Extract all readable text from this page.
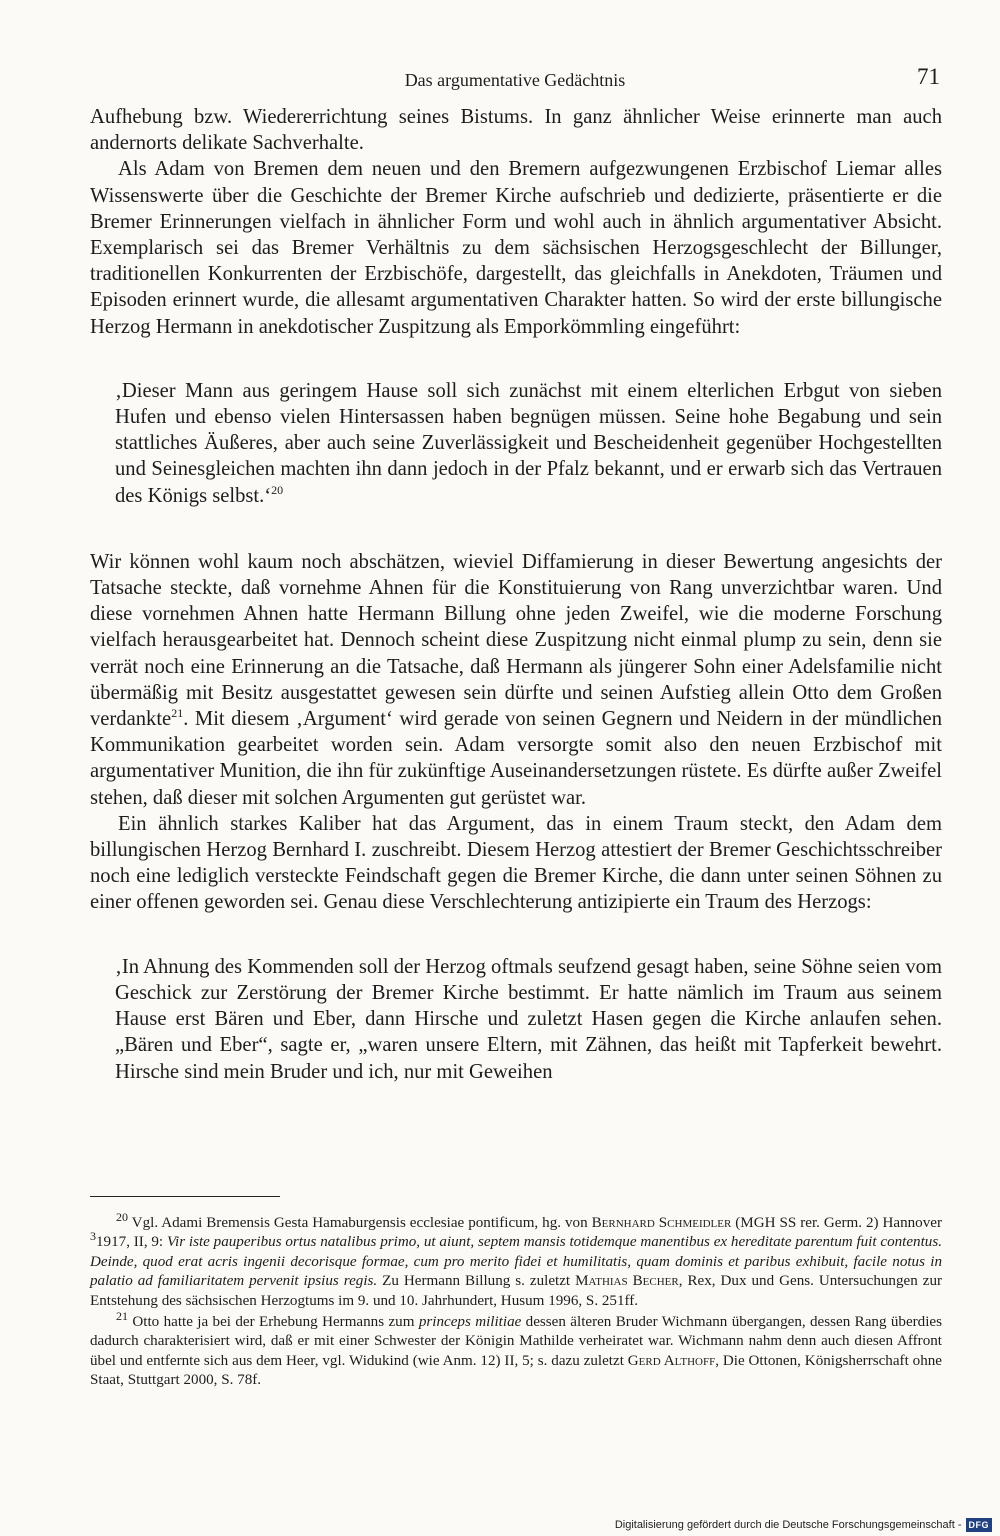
Das argumentative Gedächtnis	71

Aufhebung bzw. Wiedererrichtung seines Bistums. In ganz ähnlicher Weise erinnerte man auch andernorts delikate Sachverhalte.

Als Adam von Bremen dem neuen und den Bremern aufgezwungenen Erzbischof Liemar alles Wissenswerte über die Geschichte der Bremer Kirche aufschrieb und dedizierte, präsentierte er die Bremer Erinnerungen vielfach in ähnlicher Form und wohl auch in ähnlich argumentativer Absicht. Exemplarisch sei das Bremer Verhältnis zu dem sächsischen Herzogsgeschlecht der Billunger, traditionellen Konkurrenten der Erzbischöfe, dargestellt, das gleichfalls in Anekdoten, Träumen und Episoden erinnert wurde, die allesamt argumentativen Charakter hatten. So wird der erste billungische Herzog Hermann in anekdotischer Zuspitzung als Emporkömmling eingeführt:

‚Dieser Mann aus geringem Hause soll sich zunächst mit einem elterlichen Erbgut von sieben Hufen und ebenso vielen Hintersassen haben begnügen müssen. Seine hohe Begabung und sein stattliches Äußeres, aber auch seine Zuverlässigkeit und Bescheidenheit gegenüber Hochgestellten und Seinesgleichen machten ihn dann jedoch in der Pfalz bekannt, und er erwarb sich das Vertrauen des Königs selbst.‘$^{20}$

Wir können wohl kaum noch abschätzen, wieviel Diffamierung in dieser Bewertung angesichts der Tatsache steckte, daß vornehme Ahnen für die Konstituierung von Rang unverzichtbar waren. Und diese vornehmen Ahnen hatte Hermann Billung ohne jeden Zweifel, wie die moderne Forschung vielfach herausgearbeitet hat. Dennoch scheint diese Zuspitzung nicht einmal plump zu sein, denn sie verrät noch eine Erinnerung an die Tatsache, daß Hermann als jüngerer Sohn einer Adelsfamilie nicht übermäßig mit Besitz ausgestattet gewesen sein dürfte und seinen Aufstieg allein Otto dem Großen verdankte$^{21}$. Mit diesem ‚Argument‘ wird gerade von seinen Gegnern und Neidern in der mündlichen Kommunikation gearbeitet worden sein. Adam versorgte somit also den neuen Erzbischof mit argumentativer Munition, die ihn für zukünftige Auseinandersetzungen rüstete. Es dürfte außer Zweifel stehen, daß dieser mit solchen Argumenten gut gerüstet war.

Ein ähnlich starkes Kaliber hat das Argument, das in einem Traum steckt, den Adam dem billungischen Herzog Bernhard I. zuschreibt. Diesem Herzog attestiert der Bremer Geschichtsschreiber noch eine lediglich versteckte Feindschaft gegen die Bremer Kirche, die dann unter seinen Söhnen zu einer offenen geworden sei. Genau diese Verschlechterung antizipierte ein Traum des Herzogs:

‚In Ahnung des Kommenden soll der Herzog oftmals seufzend gesagt haben, seine Söhne seien vom Geschick zur Zerstörung der Bremer Kirche bestimmt. Er hatte nämlich im Traum aus seinem Hause erst Bären und Eber, dann Hirsche und zuletzt Hasen gegen die Kirche anlaufen sehen. „Bären und Eber“, sagte er, „waren unsere Eltern, mit Zähnen, das heißt mit Tapferkeit bewehrt. Hirsche sind mein Bruder und ich, nur mit Geweihen

$^{20}$ Vgl. Adami Bremensis Gesta Hamaburgensis ecclesiae pontificum, hg. von Bernhard Schmeidler (MGH SS rer. Germ. 2) Hannover $^3$1917, II, 9: Vir iste pauperibus ortus natalibus primo, ut aiunt, septem mansis totidemque manentibus ex hereditate parentum fuit contentus. Deinde, quod erat acris ingenii decorisque formae, cum pro merito fidei et humilitatis, quam dominis et paribus exhibuit, facile notus in palatio ad familiaritatem pervenit ipsius regis. Zu Hermann Billung s. zuletzt Mathias Becher, Rex, Dux und Gens. Untersuchungen zur Entstehung des sächsischen Herzogtums im 9. und 10. Jahrhundert, Husum 1996, S. 251ff.

$^{21}$ Otto hatte ja bei der Erhebung Hermanns zum princeps militiae dessen älteren Bruder Wichmann übergangen, dessen Rang überdies dadurch charakterisiert wird, daß er mit einer Schwester der Königin Mathilde verheiratet war. Wichmann nahm denn auch diesen Affront übel und entfernte sich aus dem Heer, vgl. Widukind (wie Anm. 12) II, 5; s. dazu zuletzt Gerd Althoff, Die Ottonen, Königsherrschaft ohne Staat, Stuttgart 2000, S. 78f.

Digitalisierung gefördert durch die Deutsche Forschungsgemeinschaft - DFG
